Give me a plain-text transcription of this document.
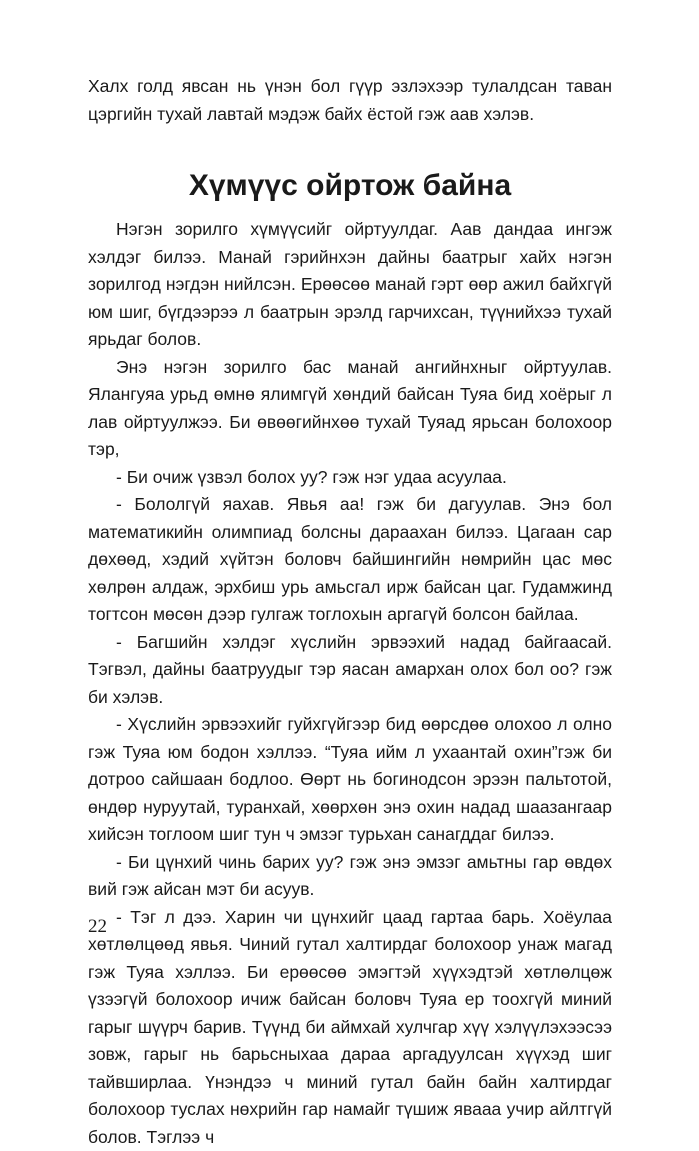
Халх голд явсан нь үнэн бол гүүр эзлэхээр тулалдсан таван цэргийн тухай лавтай мэдэж байх ёстой гэж аав хэлэв.

Хүмүүс ойртож байна

Нэгэн зорилго хүмүүсийг ойртуулдаг. Аав дандаа ингэж хэлдэг билээ. Манай гэрийнхэн дайны баатрыг хайх нэгэн зорилгод нэгдэн нийлсэн. Ерөөсөө манай гэрт өөр ажил байхгүй юм шиг, бүгдээрээ л баатрын эрэлд гарчихсан, түүнийхээ тухай ярьдаг болов.

Энэ нэгэн зорилго бас манай ангийнхныг ойртуулав. Ялангуяа урьд өмнө ялимгүй хөндий байсан Туяа бид хоёрыг л лав ойртуулжээ. Би өвөөгийнхөө тухай Туяад ярьсан болохоор тэр,

- Би очиж үзвэл болох уу? гэж нэг удаа асуулаа.

- Бололгүй яахав. Явья аа! гэж би дагуулав. Энэ бол математикийн олимпиад болсны дараахан билээ. Цагаан сар дөхөөд, хэдий хүйтэн боловч байшингийн нөмрийн цас мөс хөлрөн алдаж, эрхбиш урь амьсгал ирж байсан цаг. Гудамжинд тогтсон мөсөн дээр гулгаж тоглохын аргагүй болсон байлаа.

- Багшийн хэлдэг хүслийн эрвээхий надад байгаасай. Тэгвэл, дайны баатруудыг тэр яасан амархан олох бол оо? гэж би хэлэв.

- Хүслийн эрвээхийг гуйхгүйгээр бид өөрсдөө олохоо л олно гэж Туяа юм бодон хэллээ. “Туяа ийм л ухаантай охин”гэж би дотроо сайшаан бодлоо. Өөрт нь богинодсон эрээн пальтотой, өндөр нуруутай, туранхай, хөөрхөн энэ охин надад шаазангаар хийсэн тоглоом шиг тун ч эмзэг турьхан санагддаг билээ.

- Би цүнхий чинь барих уу? гэж энэ эмзэг амьтны гар өвдөх вий гэж айсан мэт би асуув.

- Тэг л дээ. Харин чи цүнхийг цаад гартаа барь. Хоёулаа хөтлөлцөөд явья. Чиний гутал халтирдаг болохоор унаж магад гэж Туяа хэллээ. Би ерөөсөө эмэгтэй хүүхэдтэй хөтлөлцөж үзээгүй болохоор ичиж байсан боловч Туяа ер тоохгүй миний гарыг шүүрч барив. Түүнд би аймхай хулчгар хүү хэлүүлэхээсээ зовж, гарыг нь барьсныхаа дараа аргадуулсан хүүхэд шиг тайвширлаа. Үнэндээ ч миний гутал байн байн халтирдаг болохоор туслах нөхрийн гар намайг түшиж явааа учир айлтгүй болов. Тэглээ ч

22
